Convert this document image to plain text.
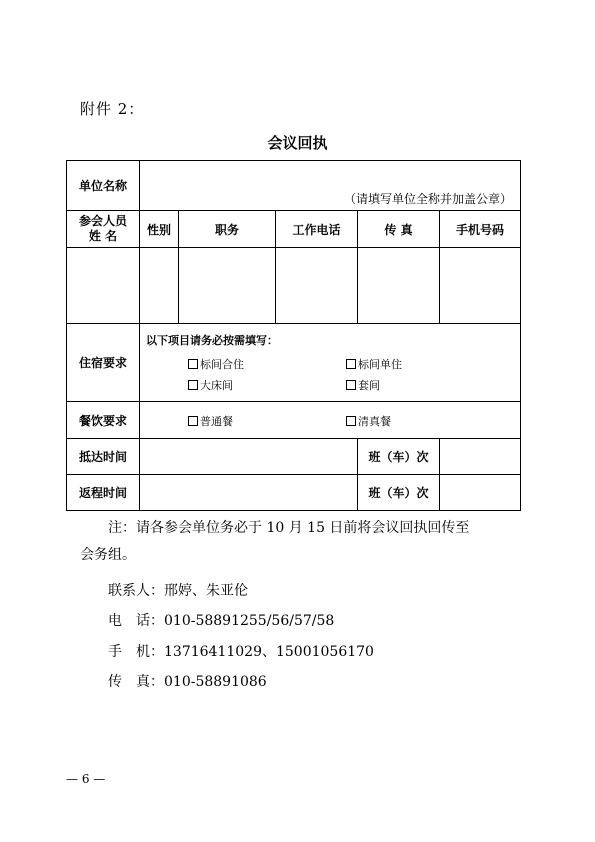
附件 2：
会议回执
单位名称	（请填写单位全称并加盖公章）				

参会人员
姓 名	性别	职务	工作电话	传 真	手机号码

住宿要求	以下项目请务必按需填写：
标间合住 标间单住
大床间 套间				

餐饮要求	普通餐 清真餐				

抵达时间				班（车）次	
返程时间				班（车）次	
注：请各参会单位务必于 10 月 15 日前将会议回执回传至
会务组。
联系人：邢婷、朱亚伦
电　话：010-58891255/56/57/58
手　机：13716411029、15001056170
传　真：010-58891086
— 6 —
